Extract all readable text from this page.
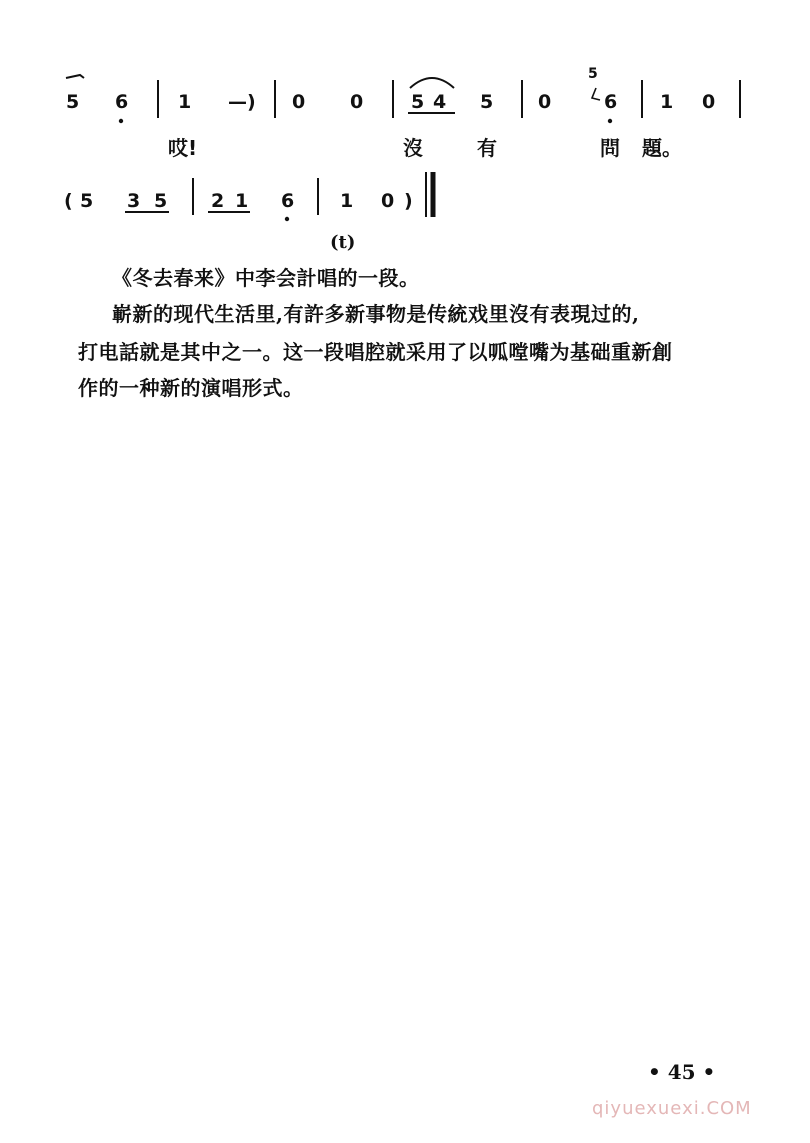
5 6	1 —) 0 0	5 4 5 0
5
6 1 0
哎!	沒	有	問 題。
( 5 3 5 2 1 6 1 0 )
(t)
《冬去春来》中李会計唱的一段。
嶄新的现代生活里,有許多新事物是传統戏里沒有表現过的,
打电話就是其中之一。这一段唱腔就采用了以呱嘡嘴为基础重新創
作的一种新的演唱形式。
• 45 •
qiyuexuexi.COM
